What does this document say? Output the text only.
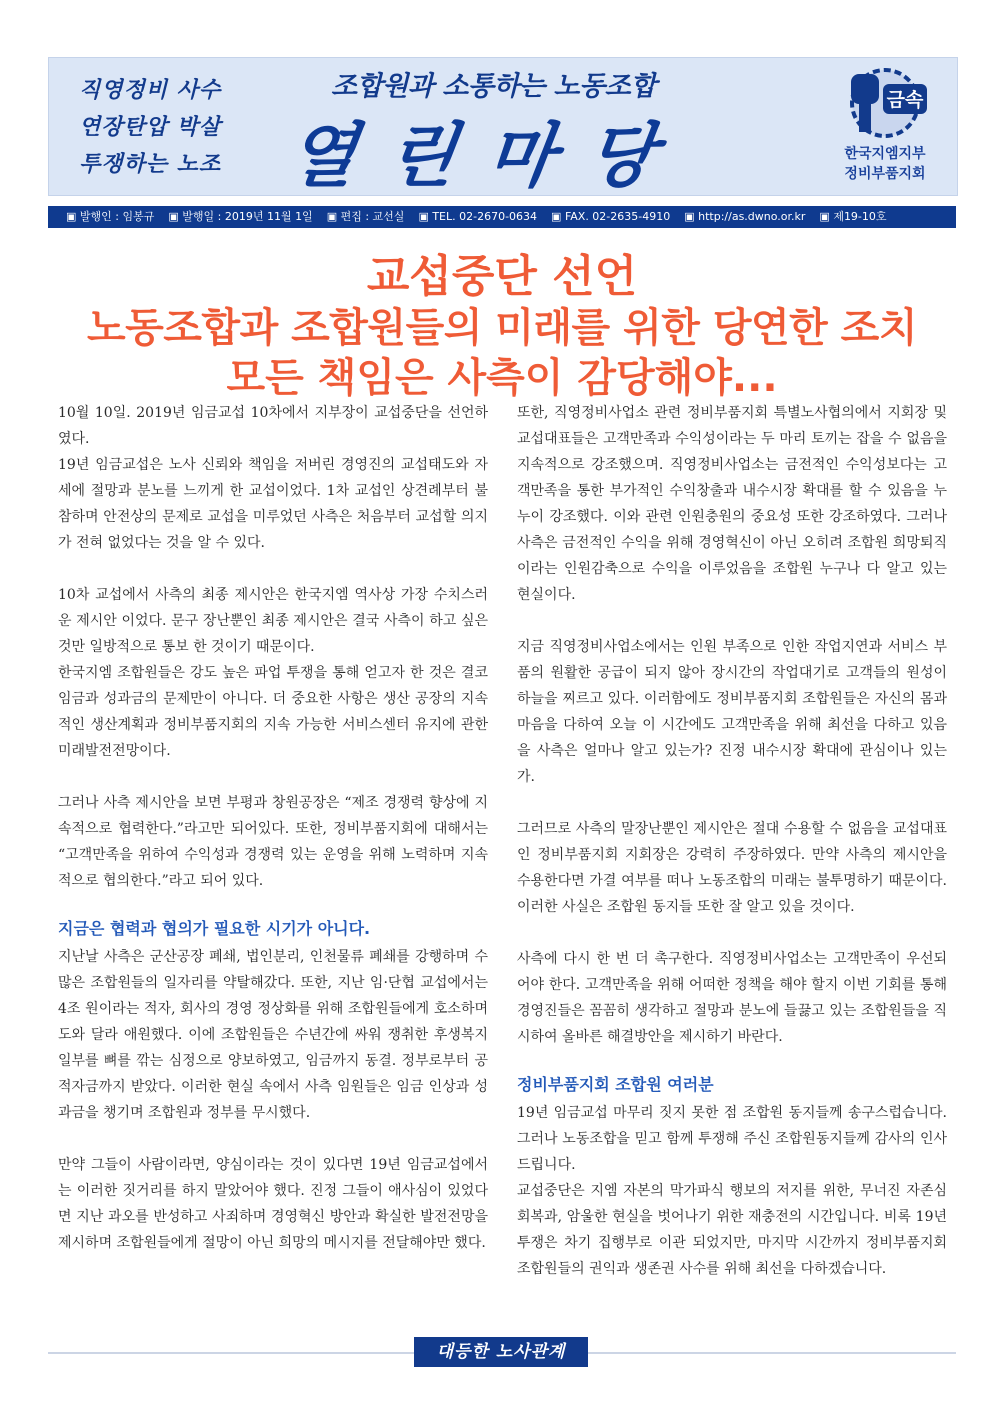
직영정비 사수
연장탄압 박살
투쟁하는 노조
조합원과 소통하는 노동조합
열린마당
금속
한국지엠지부
정비부품지회
▣ 발행인 : 임봉규	▣ 발행일 : 2019년 11월 1일	▣ 편집 : 교선실	▣ TEL. 02-2670-0634	▣ FAX. 02-2635-4910	▣ http://as.dwno.or.kr	▣ 제19-10호
교섭중단 선언
노동조합과 조합원들의 미래를 위한 당연한 조치
모든 책임은 사측이 감당해야...

10월 10일. 2019년 임금교섭 10차에서 지부장이 교섭중단을 선언하였다.

19년 임금교섭은 노사 신뢰와 책임을 저버린 경영진의 교섭태도와 자세에 절망과 분노를 느끼게 한 교섭이었다. 1차 교섭인 상견례부터 불참하며 안전상의 문제로 교섭을 미루었던 사측은 처음부터 교섭할 의지가 전혀 없었다는 것을 알 수 있다.

10차 교섭에서 사측의 최종 제시안은 한국지엠 역사상 가장 수치스러운 제시안 이었다. 문구 장난뿐인 최종 제시안은 결국 사측이 하고 싶은 것만 일방적으로 통보 한 것이기 때문이다.

한국지엠 조합원들은 강도 높은 파업 투쟁을 통해 얻고자 한 것은 결코 임금과 성과금의 문제만이 아니다. 더 중요한 사항은 생산 공장의 지속적인 생산계획과 정비부품지회의 지속 가능한 서비스센터 유지에 관한 미래발전전망이다.

그러나 사측 제시안을 보면 부평과 창원공장은 “제조 경쟁력 향상에 지속적으로 협력한다.”라고만 되어있다. 또한, 정비부품지회에 대해서는 “고객만족을 위하여 수익성과 경쟁력 있는 운영을 위해 노력하며 지속적으로 협의한다.”라고 되어 있다.

지금은 협력과 협의가 필요한 시기가 아니다.

지난날 사측은 군산공장 폐쇄, 법인분리, 인천물류 폐쇄를 강행하며 수많은 조합원들의 일자리를 약탈해갔다. 또한, 지난 임·단협 교섭에서는 4조 원이라는 적자, 회사의 경영 정상화를 위해 조합원들에게 호소하며 도와 달라 애원했다. 이에 조합원들은 수년간에 싸워 쟁취한 후생복지 일부를 뼈를 깎는 심정으로 양보하였고, 임금까지 동결. 정부로부터 공적자금까지 받았다. 이러한 현실 속에서 사측 임원들은 임금 인상과 성과금을 챙기며 조합원과 정부를 무시했다.

만약 그들이 사람이라면, 양심이라는 것이 있다면 19년 임금교섭에서는 이러한 짓거리를 하지 말았어야 했다. 진정 그들이 애사심이 있었다면 지난 과오를 반성하고 사죄하며 경영혁신 방안과 확실한 발전전망을 제시하며 조합원들에게 절망이 아닌 희망의 메시지를 전달해야만 했다.

또한, 직영정비사업소 관련 정비부품지회 특별노사협의에서 지회장 및 교섭대표들은 고객만족과 수익성이라는 두 마리 토끼는 잡을 수 없음을 지속적으로 강조했으며. 직영정비사업소는 금전적인 수익성보다는 고객만족을 통한 부가적인 수익창출과 내수시장 확대를 할 수 있음을 누누이 강조했다. 이와 관련 인원충원의 중요성 또한 강조하였다. 그러나 사측은 금전적인 수익을 위해 경영혁신이 아닌 오히려 조합원 희망퇴직이라는 인원감축으로 수익을 이루었음을 조합원 누구나 다 알고 있는 현실이다.

지금 직영정비사업소에서는 인원 부족으로 인한 작업지연과 서비스 부품의 원활한 공급이 되지 않아 장시간의 작업대기로 고객들의 원성이 하늘을 찌르고 있다. 이러함에도 정비부품지회 조합원들은 자신의 몸과 마음을 다하여 오늘 이 시간에도 고객만족을 위해 최선을 다하고 있음을 사측은 얼마나 알고 있는가? 진정 내수시장 확대에 관심이나 있는가.

그러므로 사측의 말장난뿐인 제시안은 절대 수용할 수 없음을 교섭대표인 정비부품지회 지회장은 강력히 주장하였다. 만약 사측의 제시안을 수용한다면 가결 여부를 떠나 노동조합의 미래는 불투명하기 때문이다. 이러한 사실은 조합원 동지들 또한 잘 알고 있을 것이다.

사측에 다시 한 번 더 촉구한다. 직영정비사업소는 고객만족이 우선되어야 한다. 고객만족을 위해 어떠한 정책을 해야 할지 이번 기회를 통해 경영진들은 꼼꼼히 생각하고 절망과 분노에 들끓고 있는 조합원들을 직시하여 올바른 해결방안을 제시하기 바란다.

정비부품지회 조합원 여러분

19년 임금교섭 마무리 짓지 못한 점 조합원 동지들께 송구스럽습니다. 그러나 노동조합을 믿고 함께 투쟁해 주신 조합원동지들께 감사의 인사드립니다.

교섭중단은 지엠 자본의 막가파식 행보의 저지를 위한, 무너진 자존심 회복과, 암울한 현실을 벗어나기 위한 재충전의 시간입니다. 비록 19년 투쟁은 차기 집행부로 이관 되었지만, 마지막 시간까지 정비부품지회 조합원들의 권익과 생존권 사수를 위해 최선을 다하겠습니다.

대등한 노사관계
